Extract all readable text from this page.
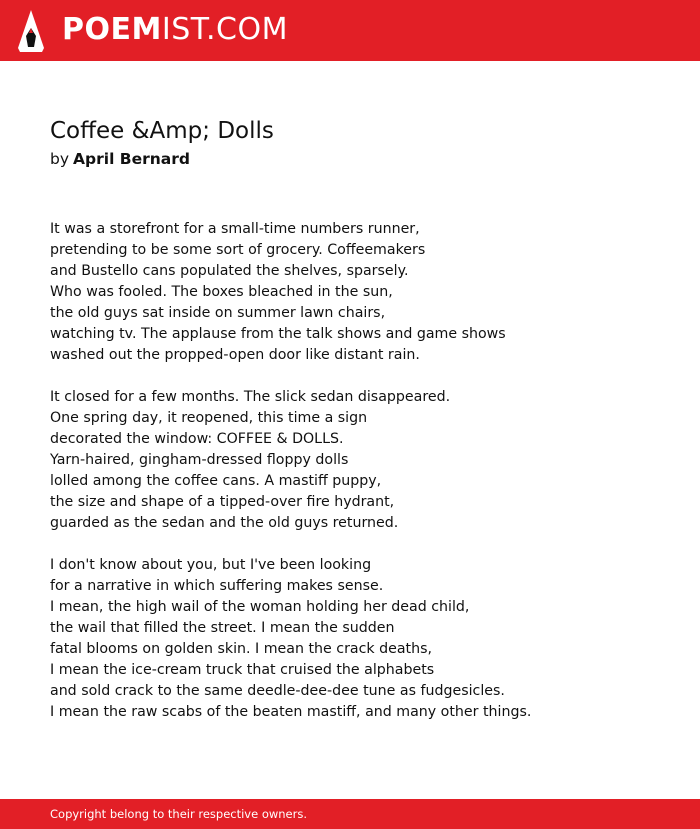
POEMIST.COM
Coffee &Amp; Dolls
by April Bernard
It was a storefront for a small-time numbers runner,
pretending to be some sort of grocery. Coffeemakers
and Bustello cans populated the shelves, sparsely.
Who was fooled. The boxes bleached in the sun,
the old guys sat inside on summer lawn chairs,
watching tv. The applause from the talk shows and game shows
washed out the propped-open door like distant rain.
It closed for a few months. The slick sedan disappeared.
One spring day, it reopened, this time a sign
decorated the window: COFFEE & DOLLS.
Yarn-haired, gingham-dressed floppy dolls
lolled among the coffee cans. A mastiff puppy,
the size and shape of a tipped-over fire hydrant,
guarded as the sedan and the old guys returned.
I don't know about you, but I've been looking
for a narrative in which suffering makes sense.
I mean, the high wail of the woman holding her dead child,
the wail that filled the street. I mean the sudden
fatal blooms on golden skin. I mean the crack deaths,
I mean the ice-cream truck that cruised the alphabets
and sold crack to the same deedle-dee-dee tune as fudgesicles.
I mean the raw scabs of the beaten mastiff, and many other things.
Copyright belong to their respective owners.
